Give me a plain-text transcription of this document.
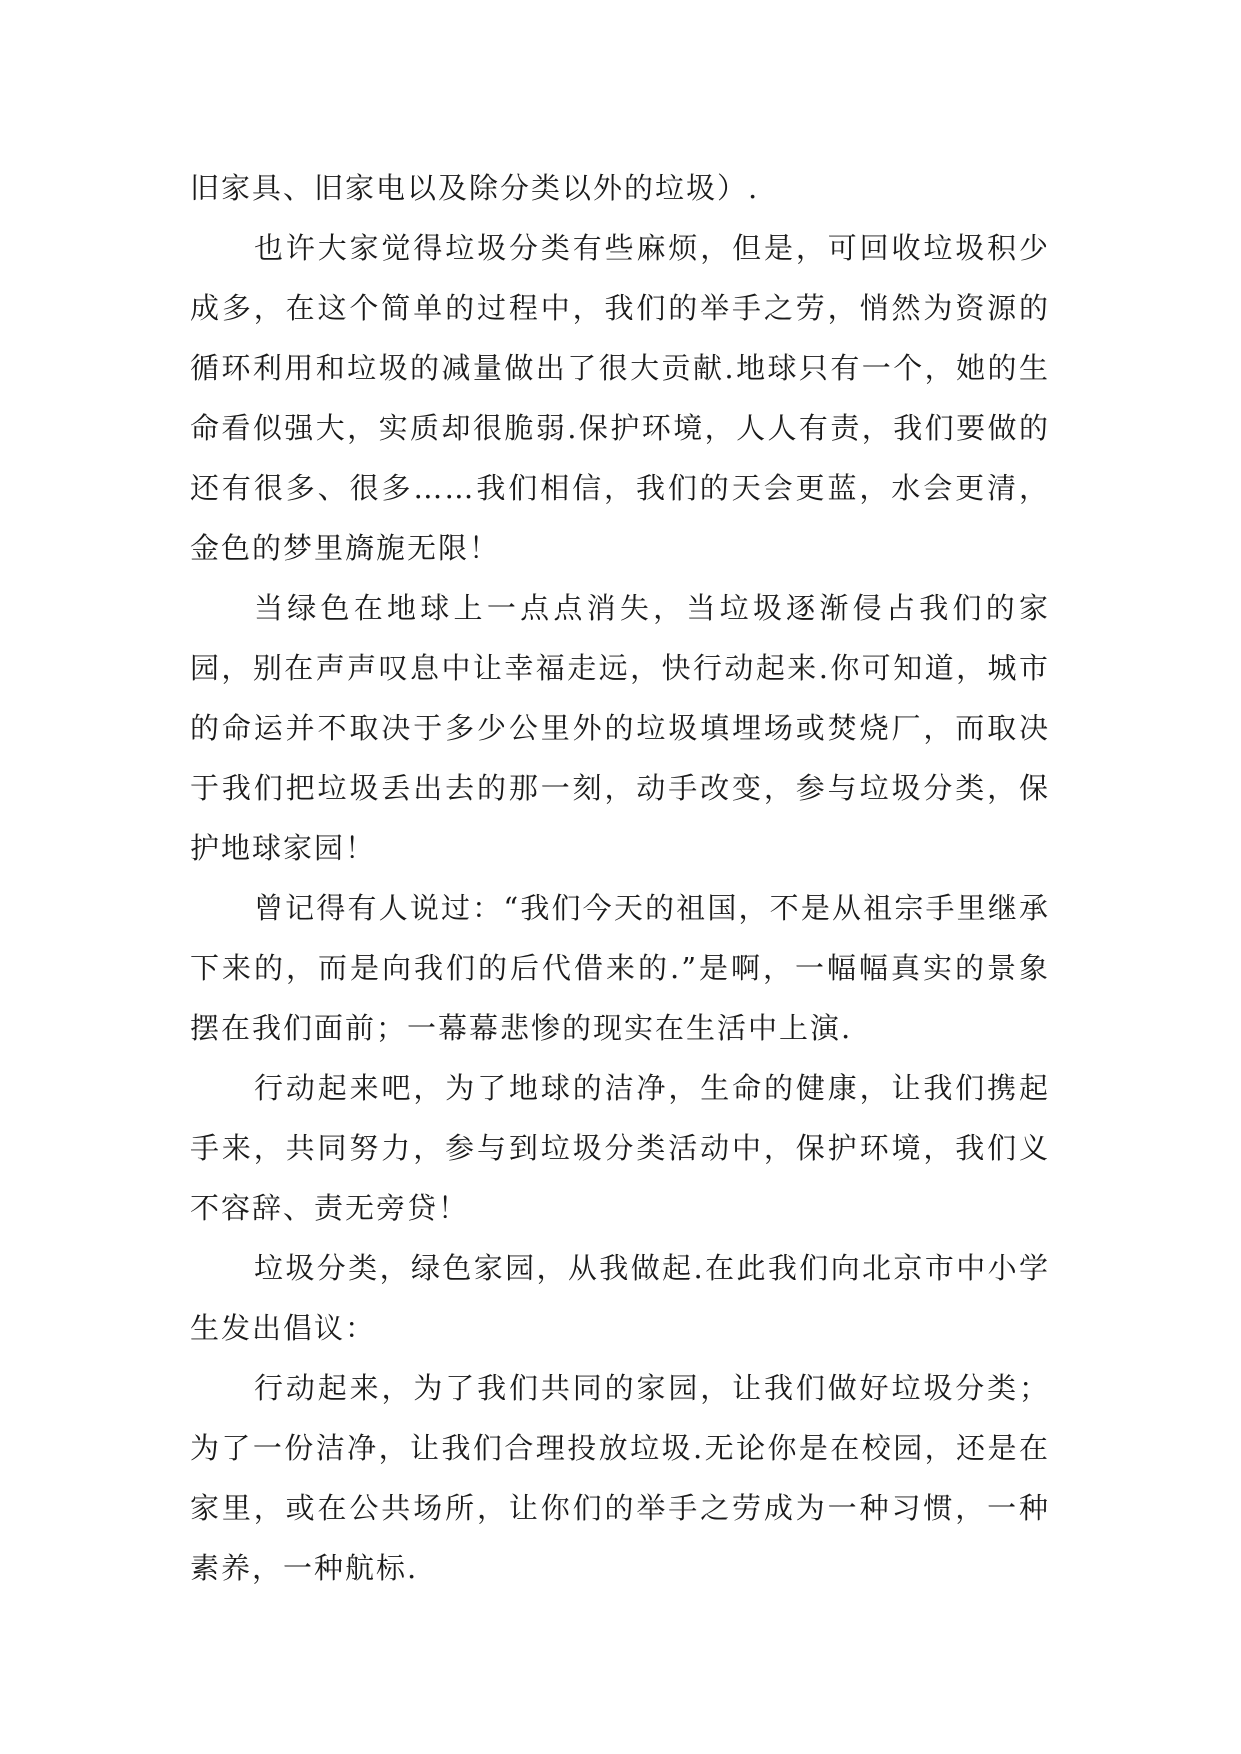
旧家具、旧家电以及除分类以外的垃圾）.

也许大家觉得垃圾分类有些麻烦，但是，可回收垃圾积少成多，在这个简单的过程中，我们的举手之劳，悄然为资源的循环利用和垃圾的减量做出了很大贡献.地球只有一个，她的生命看似强大，实质却很脆弱.保护环境，人人有责，我们要做的还有很多、很多……我们相信，我们的天会更蓝，水会更清，金色的梦里旖旎无限！

当绿色在地球上一点点消失，当垃圾逐渐侵占我们的家园，别在声声叹息中让幸福走远，快行动起来.你可知道，城市的命运并不取决于多少公里外的垃圾填埋场或焚烧厂，而取决于我们把垃圾丢出去的那一刻，动手改变，参与垃圾分类，保护地球家园！

曾记得有人说过：“我们今天的祖国，不是从祖宗手里继承下来的，而是向我们的后代借来的.”是啊，一幅幅真实的景象摆在我们面前；一幕幕悲惨的现实在生活中上演.

行动起来吧，为了地球的洁净，生命的健康，让我们携起手来，共同努力，参与到垃圾分类活动中，保护环境，我们义不容辞、责无旁贷！

垃圾分类，绿色家园，从我做起.在此我们向北京市中小学生发出倡议：

行动起来，为了我们共同的家园，让我们做好垃圾分类；为了一份洁净，让我们合理投放垃圾.无论你是在校园，还是在家里，或在公共场所，让你们的举手之劳成为一种习惯，一种素养，一种航标.
